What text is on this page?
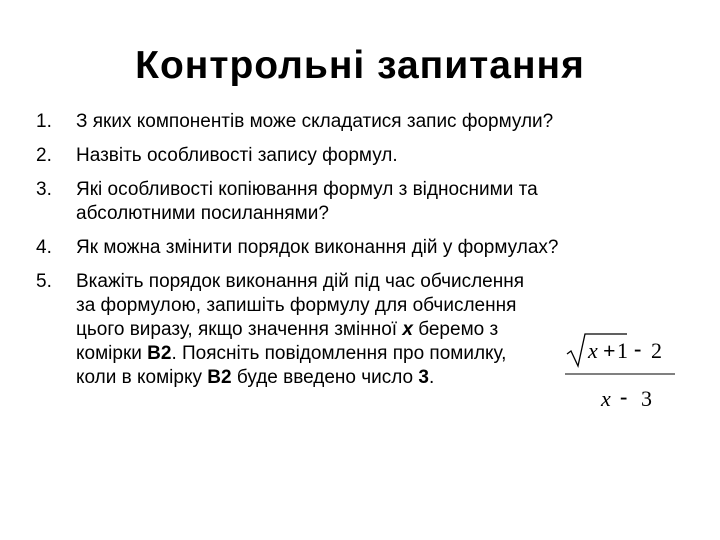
Контрольні запитання
1. З яких компонентів може складатися запис формули?
2. Назвіть особливості запису формул.
3. Які особливості копіювання формул з відносними та абсолютними посиланнями?
4. Як можна змінити порядок виконання дій у формулах?
5. Вкажіть порядок виконання дій під час обчислення за формулою, запишіть формулу для обчислення цього виразу, якщо значення змінної x беремо з комірки B2. Поясніть повідомлення про помилку, коли в комірку B2 буде введено число 3.
x + 1 - 2
x - 3
